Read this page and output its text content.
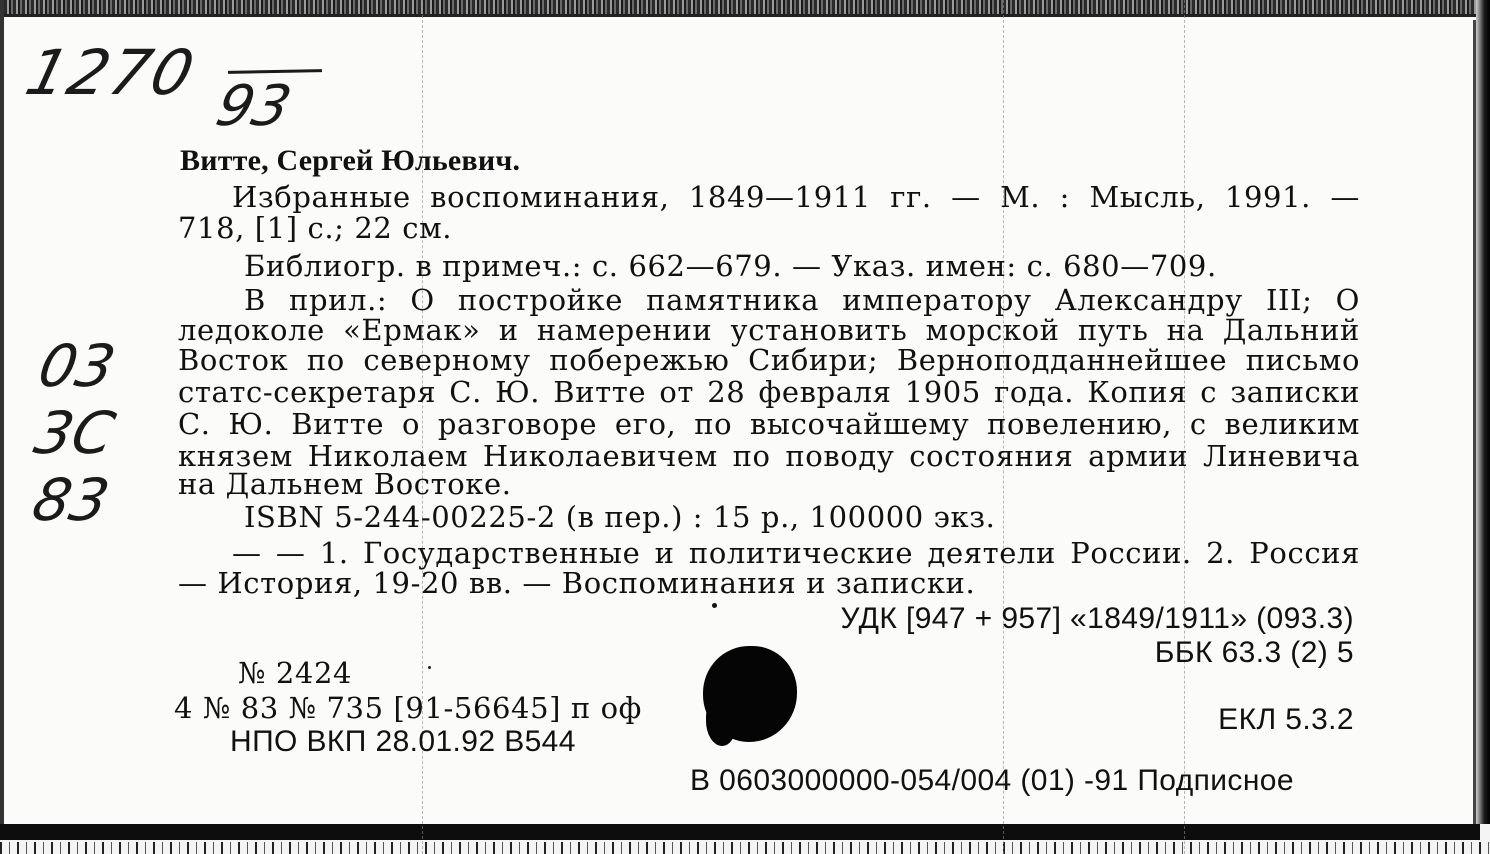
1270 93
03
3C
83
Витте, Сергей Юльевич.
Избранные воспоминания, 1849—1911 гг. — М. : Мысль, 1991. —
718, [1] с.; 22 см.
Библиогр. в примеч.: с. 662—679. — Указ. имен: с. 680—709.
В прил.: О постройке памятника императору Александру III; О
ледоколе «Ермак» и намерении установить морской путь на Дальний
Восток по северному побережью Сибири; Верноподданнейшее письмо
статс-секретаря С. Ю. Витте от 28 февраля 1905 года. Копия с записки
С. Ю. Витте о разговоре его, по высочайшему повелению, с великим
князем Николаем Николаевичем по поводу состояния армии Линевича
на Дальнем Востоке.
ISBN 5-244-00225-2 (в пер.) : 15 р., 100000 экз.
— — 1. Государственные и политические деятели России. 2. Россия
— История, 19-20 вв. — Воспоминания и записки.
УДК [947 + 957] «1849/1911» (093.3)
ББК 63.3 (2) 5
№ 2424
4 № 83 № 735 [91-56645] п оф
НПО ВКП 28.01.92 В544
ЕКЛ 5.3.2
В 0603000000-054/004 (01) -91 Подписное
